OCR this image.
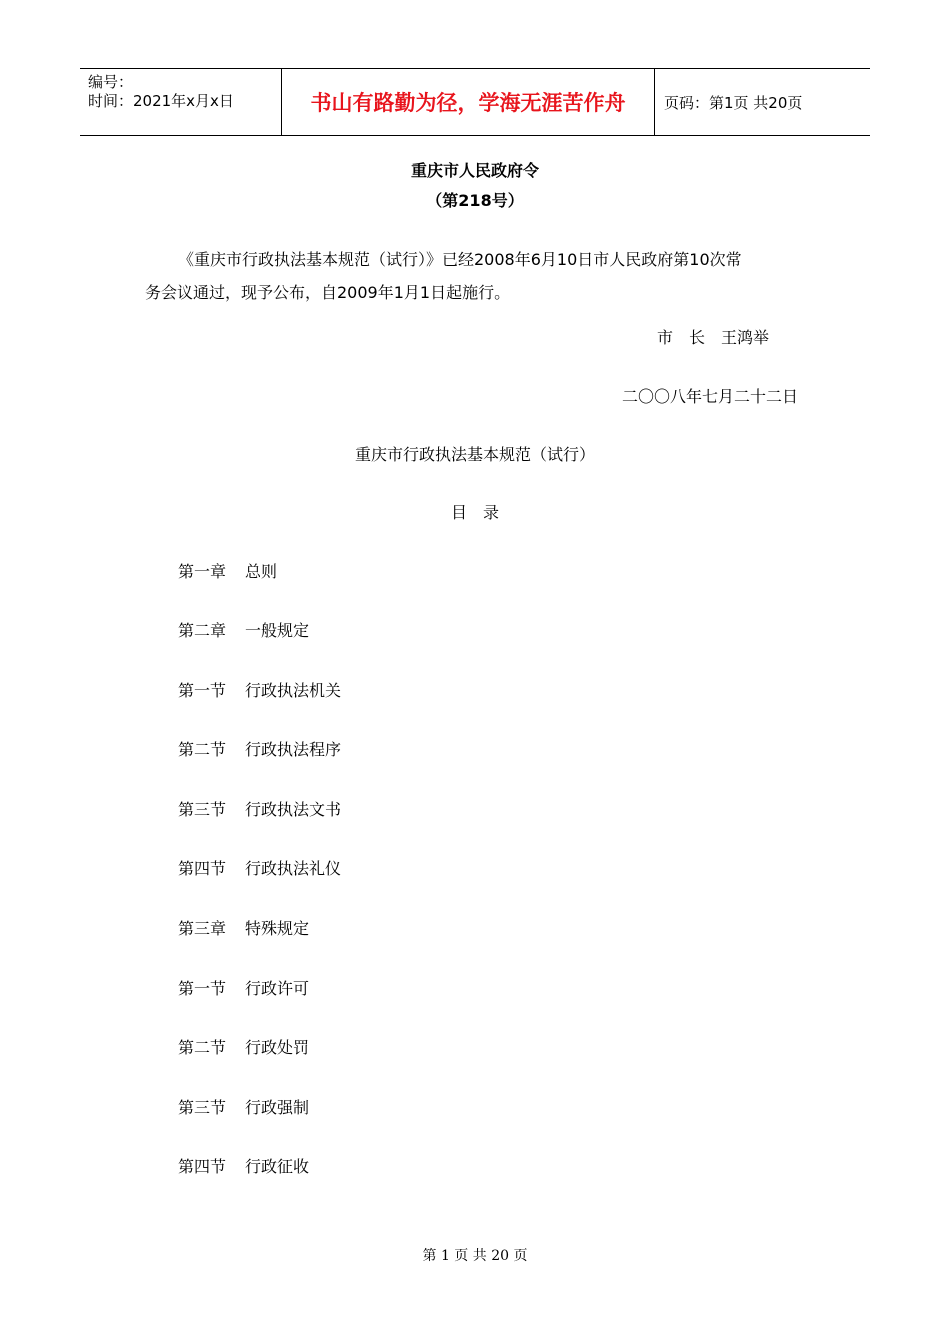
编号：
时间：2021年x月x日	书山有路勤为径，学海无涯苦作舟	页码：第1页 共20页
重庆市人民政府令
（第218号）
《重庆市行政执法基本规范（试行）》已经2008年6月10日市人民政府第10次常
务会议通过，现予公布，自2009年1月1日起施行。
市　长　王鸿举
二〇〇八年七月二十二日
重庆市行政执法基本规范（试行）
目　录
第一章 总则
第二章 一般规定
第一节 行政执法机关
第二节 行政执法程序
第三节 行政执法文书
第四节 行政执法礼仪
第三章 特殊规定
第一节 行政许可
第二节 行政处罚
第三节 行政强制
第四节 行政征收
第 1 页 共 20 页
